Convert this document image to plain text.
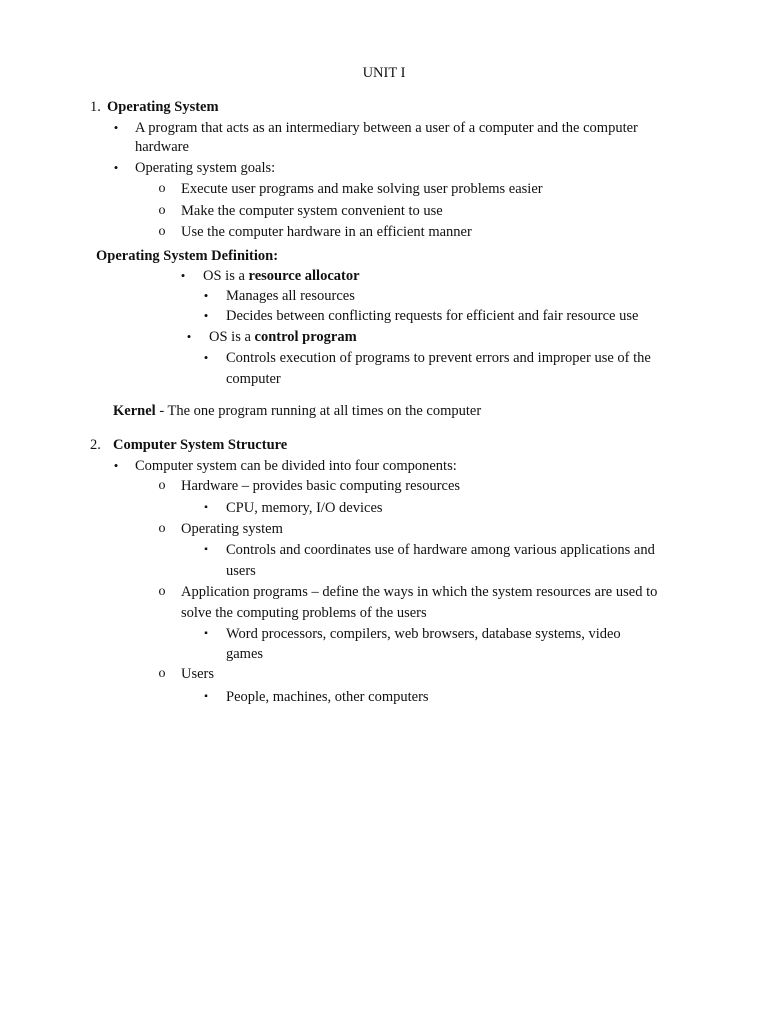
UNIT I
1. Operating System
• A program that acts as an intermediary between a user of a computer and the computer
hardware
• Operating system goals:
o Execute user programs and make solving user problems easier
o Make the computer system convenient to use
o Use the computer hardware in an efficient manner
Operating System Definition:
• OS is a resource allocator
• Manages all resources
• Decides between conflicting requests for efficient and fair resource use
• OS is a control program
• Controls execution of programs to prevent errors and improper use of the
computer
Kernel - The one program running at all times on the computer
2. Computer System Structure
• Computer system can be divided into four components:
o Hardware – provides basic computing resources
▪ CPU, memory, I/O devices
o Operating system
▪ Controls and coordinates use of hardware among various applications and
users
o Application programs – define the ways in which the system resources are used to
solve the computing problems of the users
▪ Word processors, compilers, web browsers, database systems, video
games
o Users
▪ People, machines, other computers
